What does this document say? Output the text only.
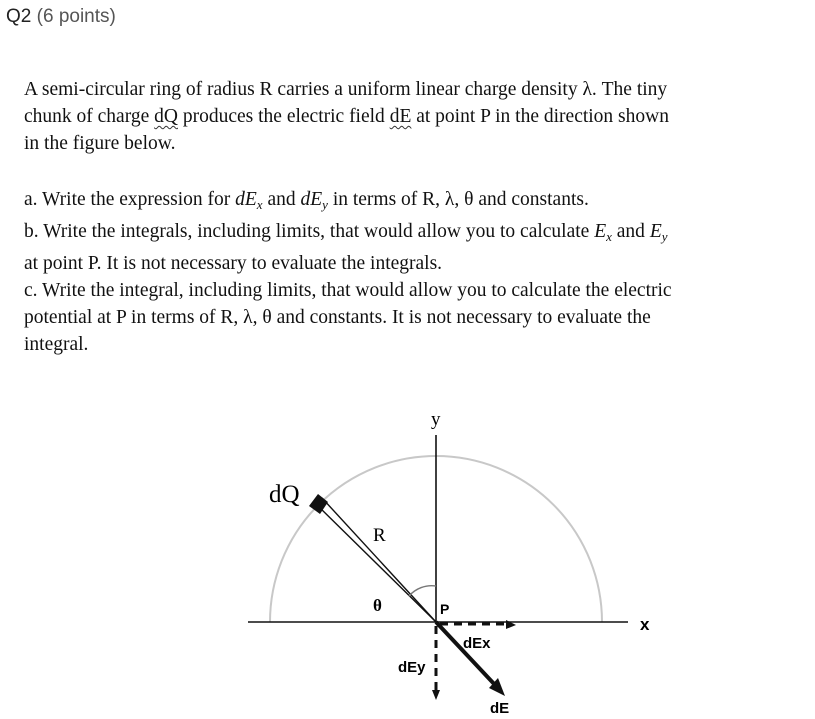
Q2 (6 points)
A semi-circular ring of radius R carries a uniform linear charge density λ. The tiny
chunk of charge dQ produces the electric field dE at point P in the direction shown
in the figure below.
a. Write the expression for $dE_x$ and $dE_y$ in terms of R, λ, θ and constants.
b. Write the integrals, including limits, that would allow you to calculate $E_x$ and $E_y$
at point P. It is not necessary to evaluate the integrals.
c. Write the integral, including limits, that would allow you to calculate the electric
potential at P in terms of R, λ, θ and constants. It is not necessary to evaluate the
integral.
y
x
dQ
R
θ	P
dEx
dEy
dE
